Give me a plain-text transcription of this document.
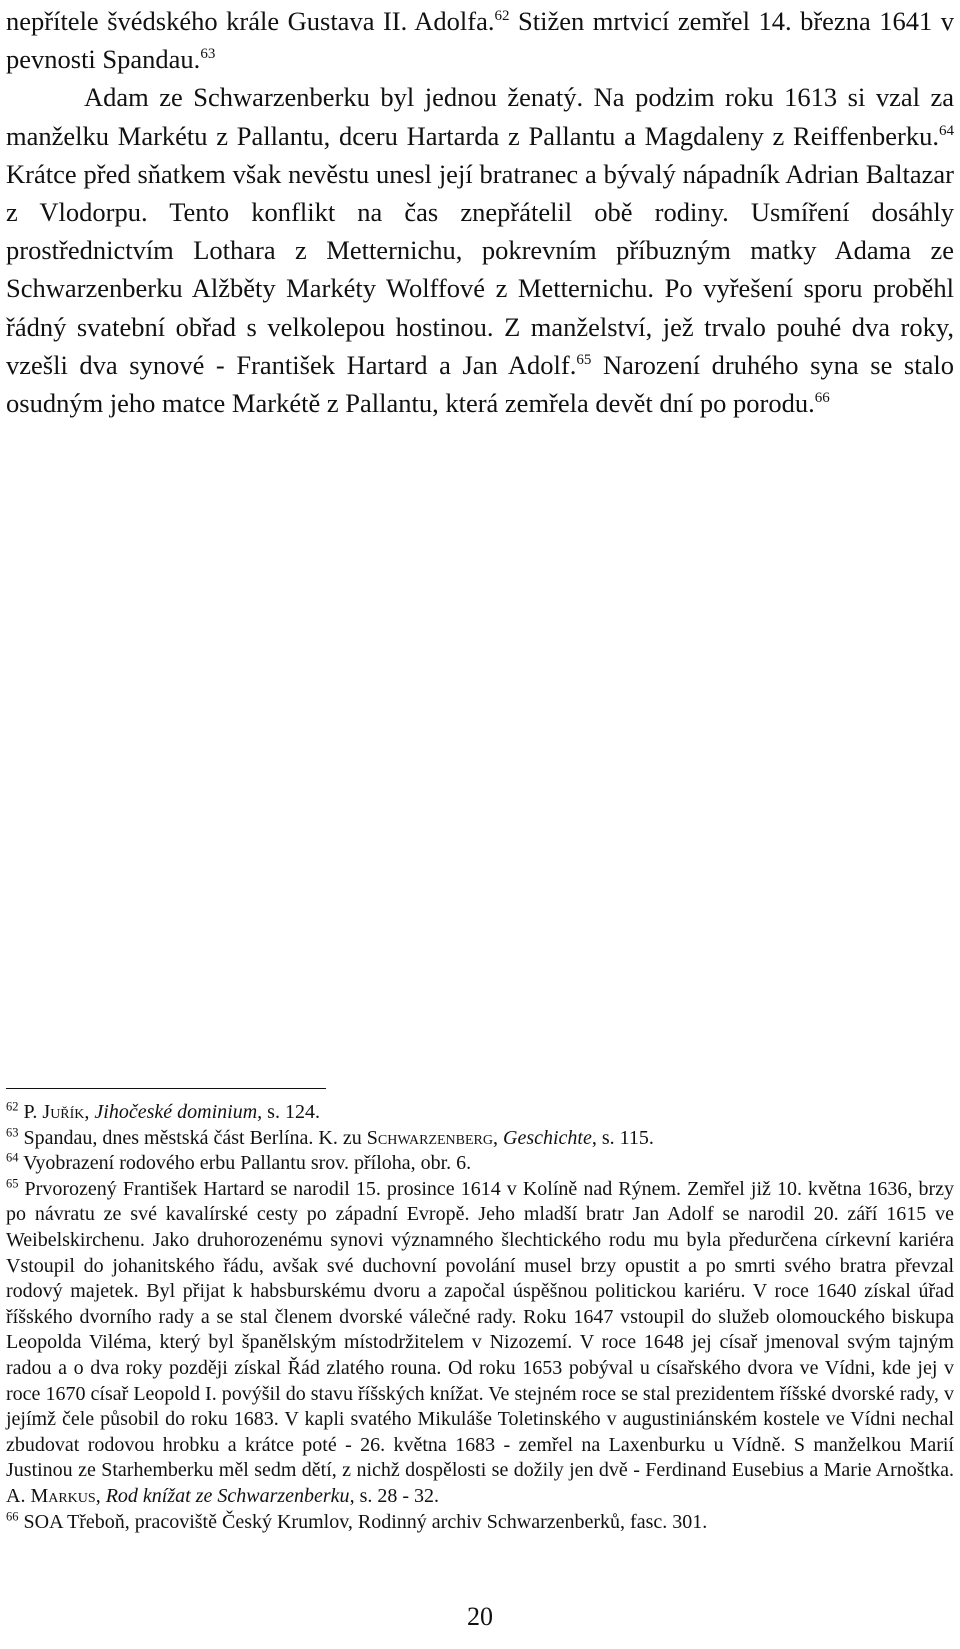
nepřítele švédského krále Gustava II. Adolfa.$^{62}$ Stižen mrtvicí zemřel 14. března 1641 v pevnosti Spandau.$^{63}$

Adam ze Schwarzenberku byl jednou ženatý. Na podzim roku 1613 si vzal za manželku Markétu z Pallantu, dceru Hartarda z Pallantu a Magdaleny z Reiffenberku.$^{64}$ Krátce před sňatkem však nevěstu unesl její bratranec a bývalý nápadník Adrian Baltazar z Vlodorpu. Tento konflikt na čas znepřátelil obě rodiny. Usmíření dosáhly prostřednictvím Lothara z Metternichu, pokrevním příbuzným matky Adama ze Schwarzenberku Alžběty Markéty Wolffové z Metternichu. Po vyřešení sporu proběhl řádný svatební obřad s velkolepou hostinou. Z manželství, jež trvalo pouhé dva roky, vzešli dva synové - František Hartard a Jan Adolf.$^{65}$ Narození druhého syna se stalo osudným jeho matce Markétě z Pallantu, která zemřela devět dní po porodu.$^{66}$

$^{62}$ P. Juřík, Jihočeské dominium, s. 124.

$^{63}$ Spandau, dnes městská část Berlína. K. zu Schwarzenberg, Geschichte, s. 115.

$^{64}$ Vyobrazení rodového erbu Pallantu srov. příloha, obr. 6.

$^{65}$ Prvorozený František Hartard se narodil 15. prosince 1614 v Kolíně nad Rýnem. Zemřel již 10. května 1636, brzy po návratu ze své kavalírské cesty po západní Evropě. Jeho mladší bratr Jan Adolf se narodil 20. září 1615 ve Weibelskirchenu. Jako druhorozenému synovi významného šlechtického rodu mu byla předurčena církevní kariéra Vstoupil do johanitského řádu, avšak své duchovní povolání musel brzy opustit a po smrti svého bratra převzal rodový majetek. Byl přijat k habsburskému dvoru a započal úspěšnou politickou kariéru. V roce 1640 získal úřad říšského dvorního rady a se stal členem dvorské válečné rady. Roku 1647 vstoupil do služeb olomouckého biskupa Leopolda Viléma, který byl španělským místodržitelem v Nizozemí. V roce 1648 jej císař jmenoval svým tajným radou a o dva roky později získal Řád zlatého rouna. Od roku 1653 pobýval u císařského dvora ve Vídni, kde jej v roce 1670 císař Leopold I. povýšil do stavu říšských knížat. Ve stejném roce se stal prezidentem říšské dvorské rady, v jejímž čele působil do roku 1683. V kapli svatého Mikuláše Toletinského v augustiniánském kostele ve Vídni nechal zbudovat rodovou hrobku a krátce poté - 26. května 1683 - zemřel na Laxenburku u Vídně. S manželkou Marií Justinou ze Starhemberku měl sedm dětí, z nichž dospělosti se dožily jen dvě - Ferdinand Eusebius a Marie Arnoštka. A. Markus, Rod knížat ze Schwarzenberku, s. 28 - 32.

$^{66}$ SOA Třeboň, pracoviště Český Krumlov, Rodinný archiv Schwarzenberků, fasc. 301.

20
